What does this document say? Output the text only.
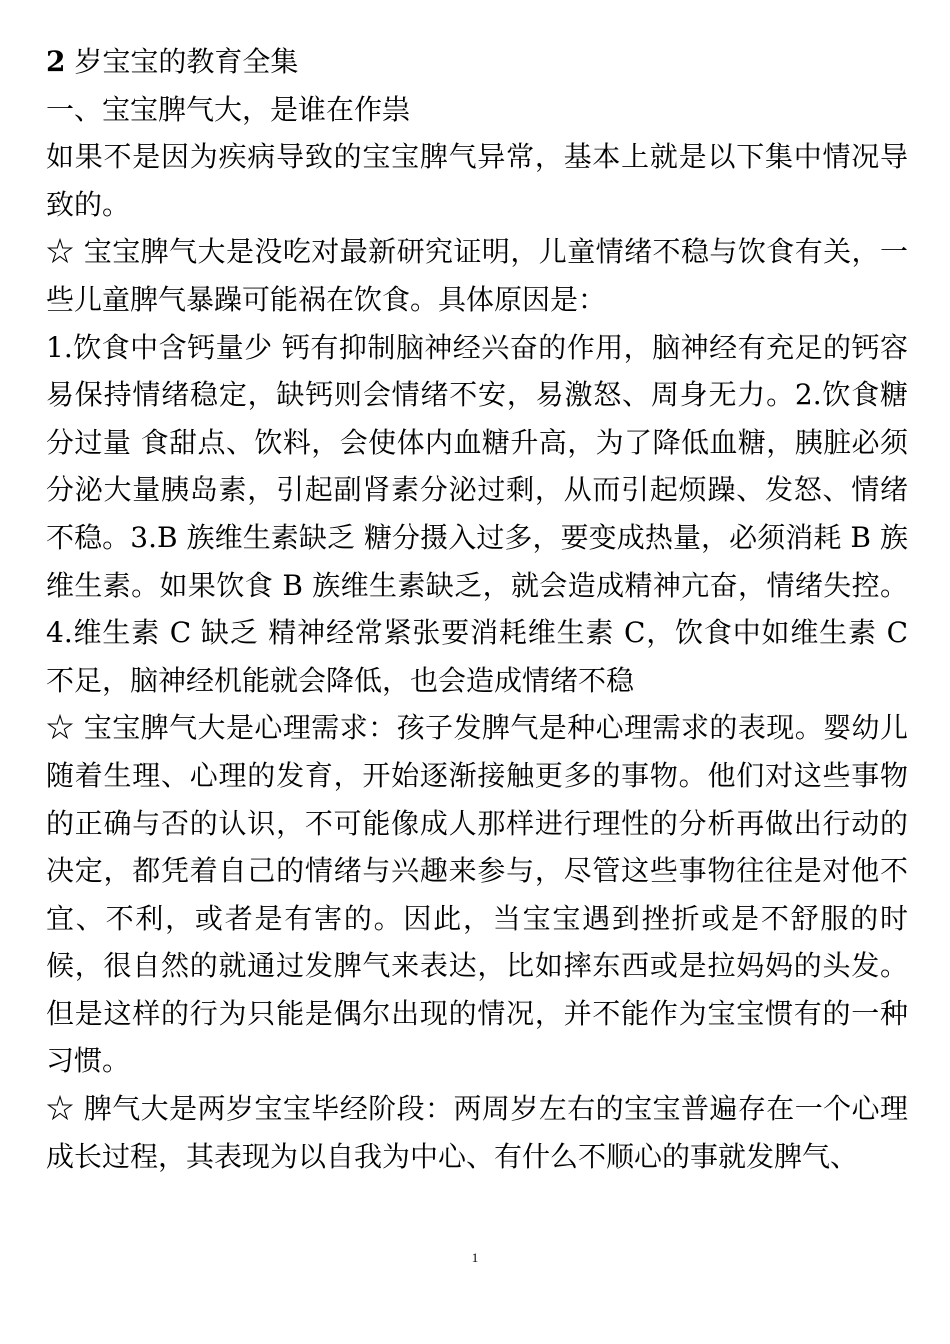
2 岁宝宝的教育全集

一、宝宝脾气大，是谁在作祟

如果不是因为疾病导致的宝宝脾气异常，基本上就是以下集中情况导致的。

☆ 宝宝脾气大是没吃对最新研究证明，儿童情绪不稳与饮食有关，一些儿童脾气暴躁可能祸在饮食。具体原因是：

1.饮食中含钙量少 钙有抑制脑神经兴奋的作用，脑神经有充足的钙容易保持情绪稳定，缺钙则会情绪不安，易激怒、周身无力。2.饮食糖分过量 食甜点、饮料，会使体内血糖升高，为了降低血糖，胰脏必须分泌大量胰岛素，引起副肾素分泌过剩，从而引起烦躁、发怒、情绪不稳。3.B 族维生素缺乏 糖分摄入过多，要变成热量，必须消耗 B 族维生素。如果饮食 B 族维生素缺乏，就会造成精神亢奋，情绪失控。4.维生素 C 缺乏 精神经常紧张要消耗维生素 C，饮食中如维生素 C 不足，脑神经机能就会降低，也会造成情绪不稳

☆ 宝宝脾气大是心理需求：孩子发脾气是种心理需求的表现。婴幼儿随着生理、心理的发育，开始逐渐接触更多的事物。他们对这些事物的正确与否的认识，不可能像成人那样进行理性的分析再做出行动的决定，都凭着自己的情绪与兴趣来参与，尽管这些事物往往是对他不宜、不利，或者是有害的。因此，当宝宝遇到挫折或是不舒服的时候，很自然的就通过发脾气来表达，比如摔东西或是拉妈妈的头发。但是这样的行为只能是偶尔出现的情况，并不能作为宝宝惯有的一种习惯。

☆ 脾气大是两岁宝宝毕经阶段：两周岁左右的宝宝普遍存在一个心理成长过程，其表现为以自我为中心、有什么不顺心的事就发脾气、

1
